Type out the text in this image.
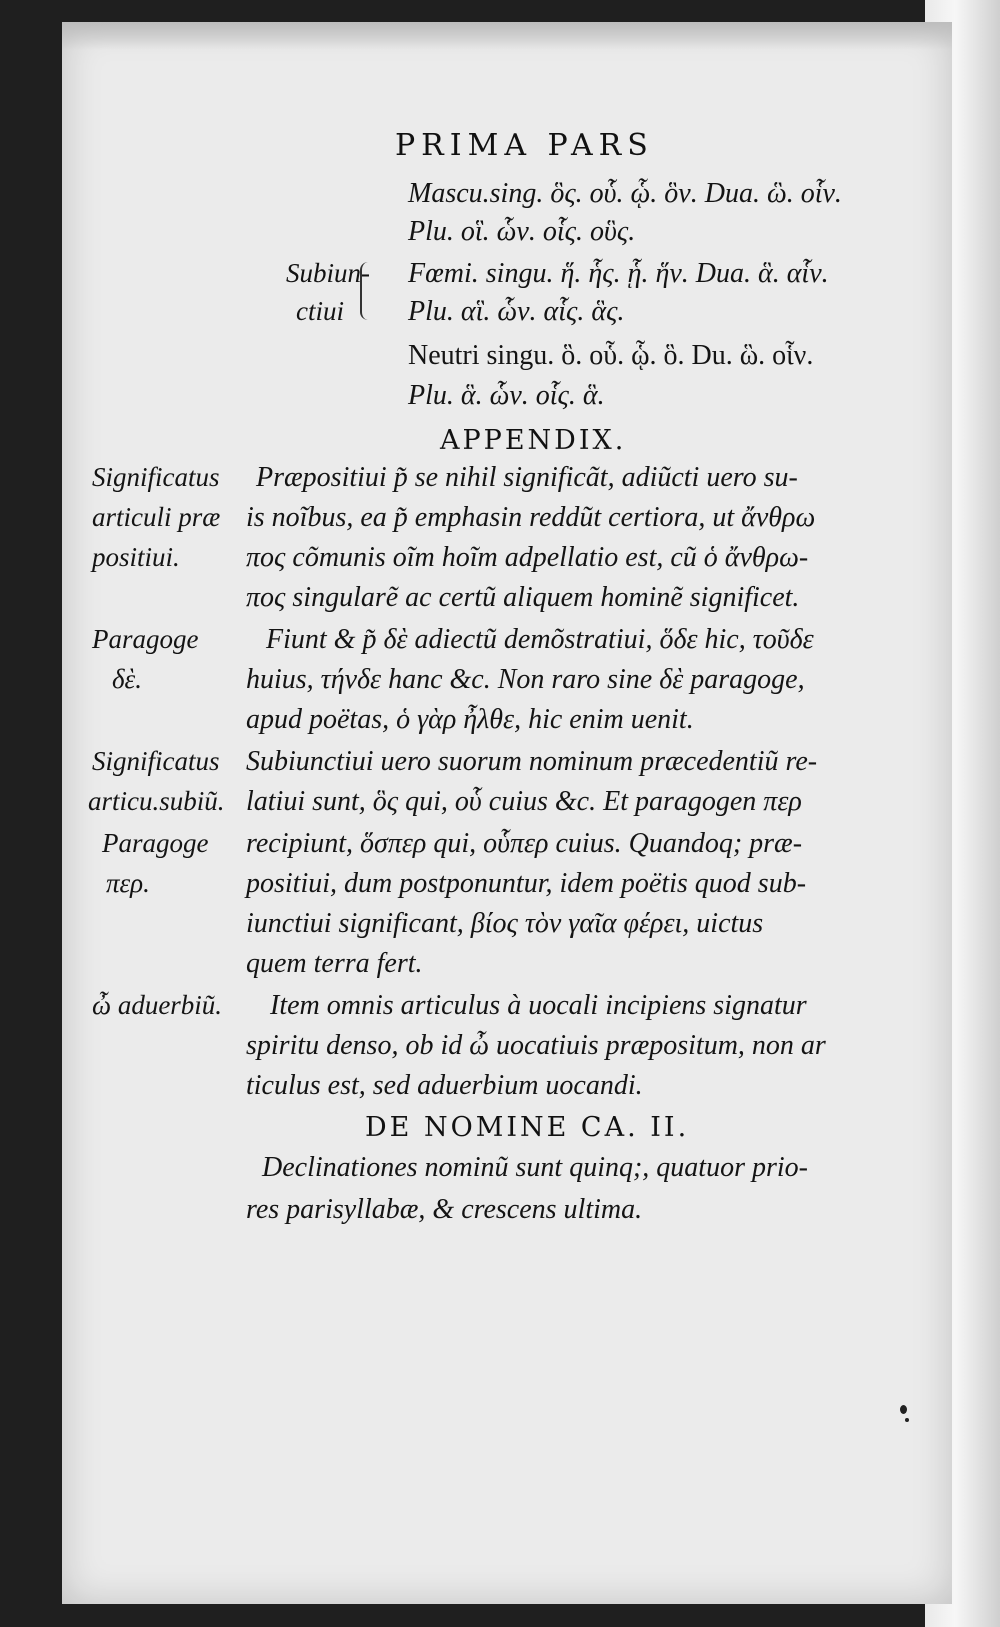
PRIMA PARS
Mascu.sing. ὃς. οὗ. ᾧ. ὃν. Dua. ὣ. οἷν.
Plu. οἳ. ὧν. οἷς. οὓς.
Fœmi. singu. ἥ. ἧς. ᾗ. ἥν. Dua. ἃ. αἷν.
Plu. αἳ. ὧν. αἷς. ἃς.
Neutri singu. ὃ. οὗ. ᾧ. ὃ. Du. ὣ. οἷν.
Plu. ἃ. ὧν. οἷς. ἃ.
Subiun-
ctiui
APPENDIX.
Significatus
articuli præ
positiui.
Præpositiui p̃ se nihil significãt, adiũcti uero su-
is noĩbus, ea p̃ emphasin reddũt certiora, ut ἄνθρω
πος cõmunis oĩm hoĩm adpellatio est, cũ ὁ ἄνθρω-
πος singularẽ ac certũ aliquem hominẽ significet.
Paragoge
δὲ.
Fiunt & p̃ δὲ adiectũ demõstratiui, ὅδε hic, τοῦδε
huius, τήνδε hanc &c. Non raro sine δὲ paragoge,
apud poëtas, ὁ γὰρ ἦλθε, hic enim uenit.
Significatus
articu.subiũ.
Subiunctiui uero suorum nominum præcedentiũ re-
latiui sunt, ὃς qui, οὗ cuius &c. Et paragogen περ
Paragoge
περ.
recipiunt, ὅσπερ qui, οὗπερ cuius. Quandoq; præ-
positiui, dum postponuntur, idem poëtis quod sub-
iunctiui significant, βίος τὸν γαῖα φέρει, uictus
quem terra fert.
ὦ aduerbiũ. Item omnis articulus à uocali incipiens signatur
spiritu denso, ob id ὦ uocatiuis præpositum, non ar
ticulus est, sed aduerbium uocandi.
DE NOMINE CA. II.
Declinationes nominũ sunt quinq;, quatuor prio-
res parisyllabæ, & crescens ultima.
